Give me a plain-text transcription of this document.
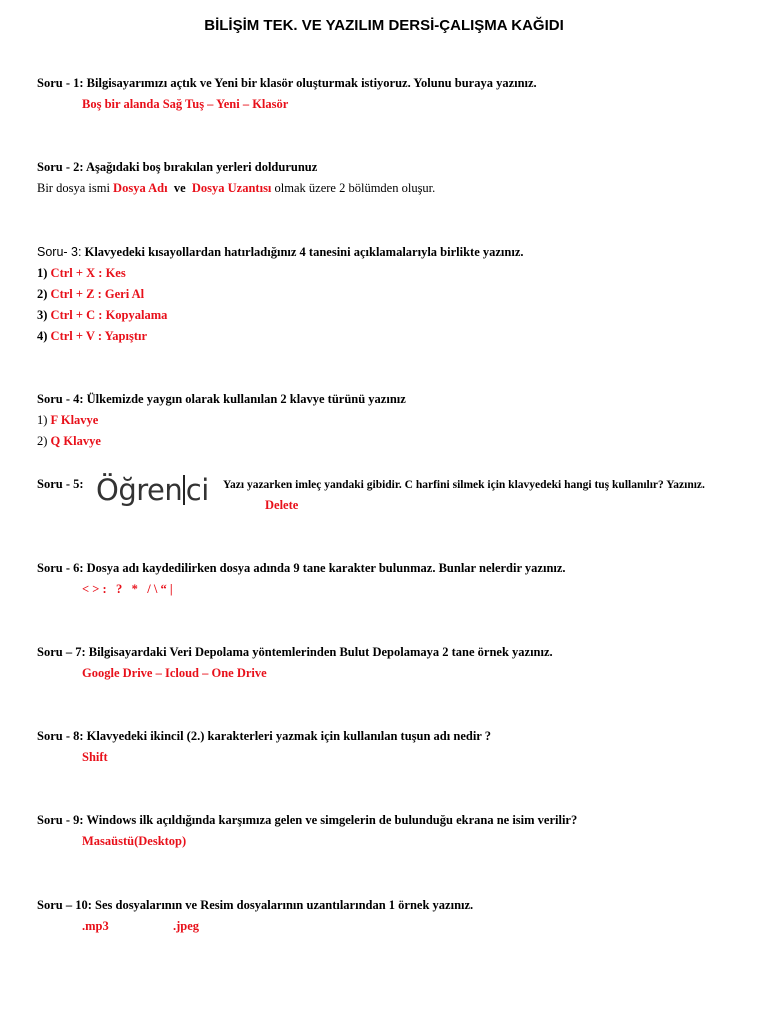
BİLİŞİM TEK. VE YAZILIM DERSİ-ÇALIŞMA KAĞIDI
Soru - 1: Bilgisayarımızı açtık ve Yeni bir klasör oluşturmak istiyoruz. Yolunu buraya yazınız.
Boş bir alanda Sağ Tuş – Yeni – Klasör
Soru - 2: Aşağıdaki boş bırakılan yerleri doldurunuz
Bir dosya ismi Dosya Adı ve Dosya Uzantısı olmak üzere 2 bölümden oluşur.
Soru- 3: Klavyedeki kısayollardan hatırladığınız 4 tanesini açıklamalarıyla birlikte yazınız.
1) Ctrl + X : Kes
2) Ctrl + Z : Geri Al
3) Ctrl + C : Kopyalama
4) Ctrl + V : Yapıştır
Soru - 4: Ülkemizde yaygın olarak kullanılan 2 klavye türünü yazınız
1) F Klavye
2) Q Klavye
Soru - 5: Öğren ci Yazı yazarken imleç yandaki gibidir. C harfini silmek için klavyedeki hangi tuş kullanılır? Yazınız.
Delete
Soru - 6: Dosya adı kaydedilirken dosya adında 9 tane karakter bulunmaz. Bunlar nelerdir yazınız.
< > :   ?   *   / \ “ |
Soru – 7: Bilgisayardaki Veri Depolama yöntemlerinden Bulut Depolamaya 2 tane örnek yazınız.
Google Drive – Icloud – One Drive
Soru - 8: Klavyedeki ikincil (2.) karakterleri yazmak için kullanılan tuşun adı nedir ?
Shift
Soru - 9: Windows ilk açıldığında karşımıza gelen ve simgelerin de bulunduğu ekrana ne isim verilir?
Masaüstü(Desktop)
Soru – 10: Ses dosyalarının ve Resim dosyalarının uzantılarından 1 örnek yazınız.
.mp3	.jpeg
